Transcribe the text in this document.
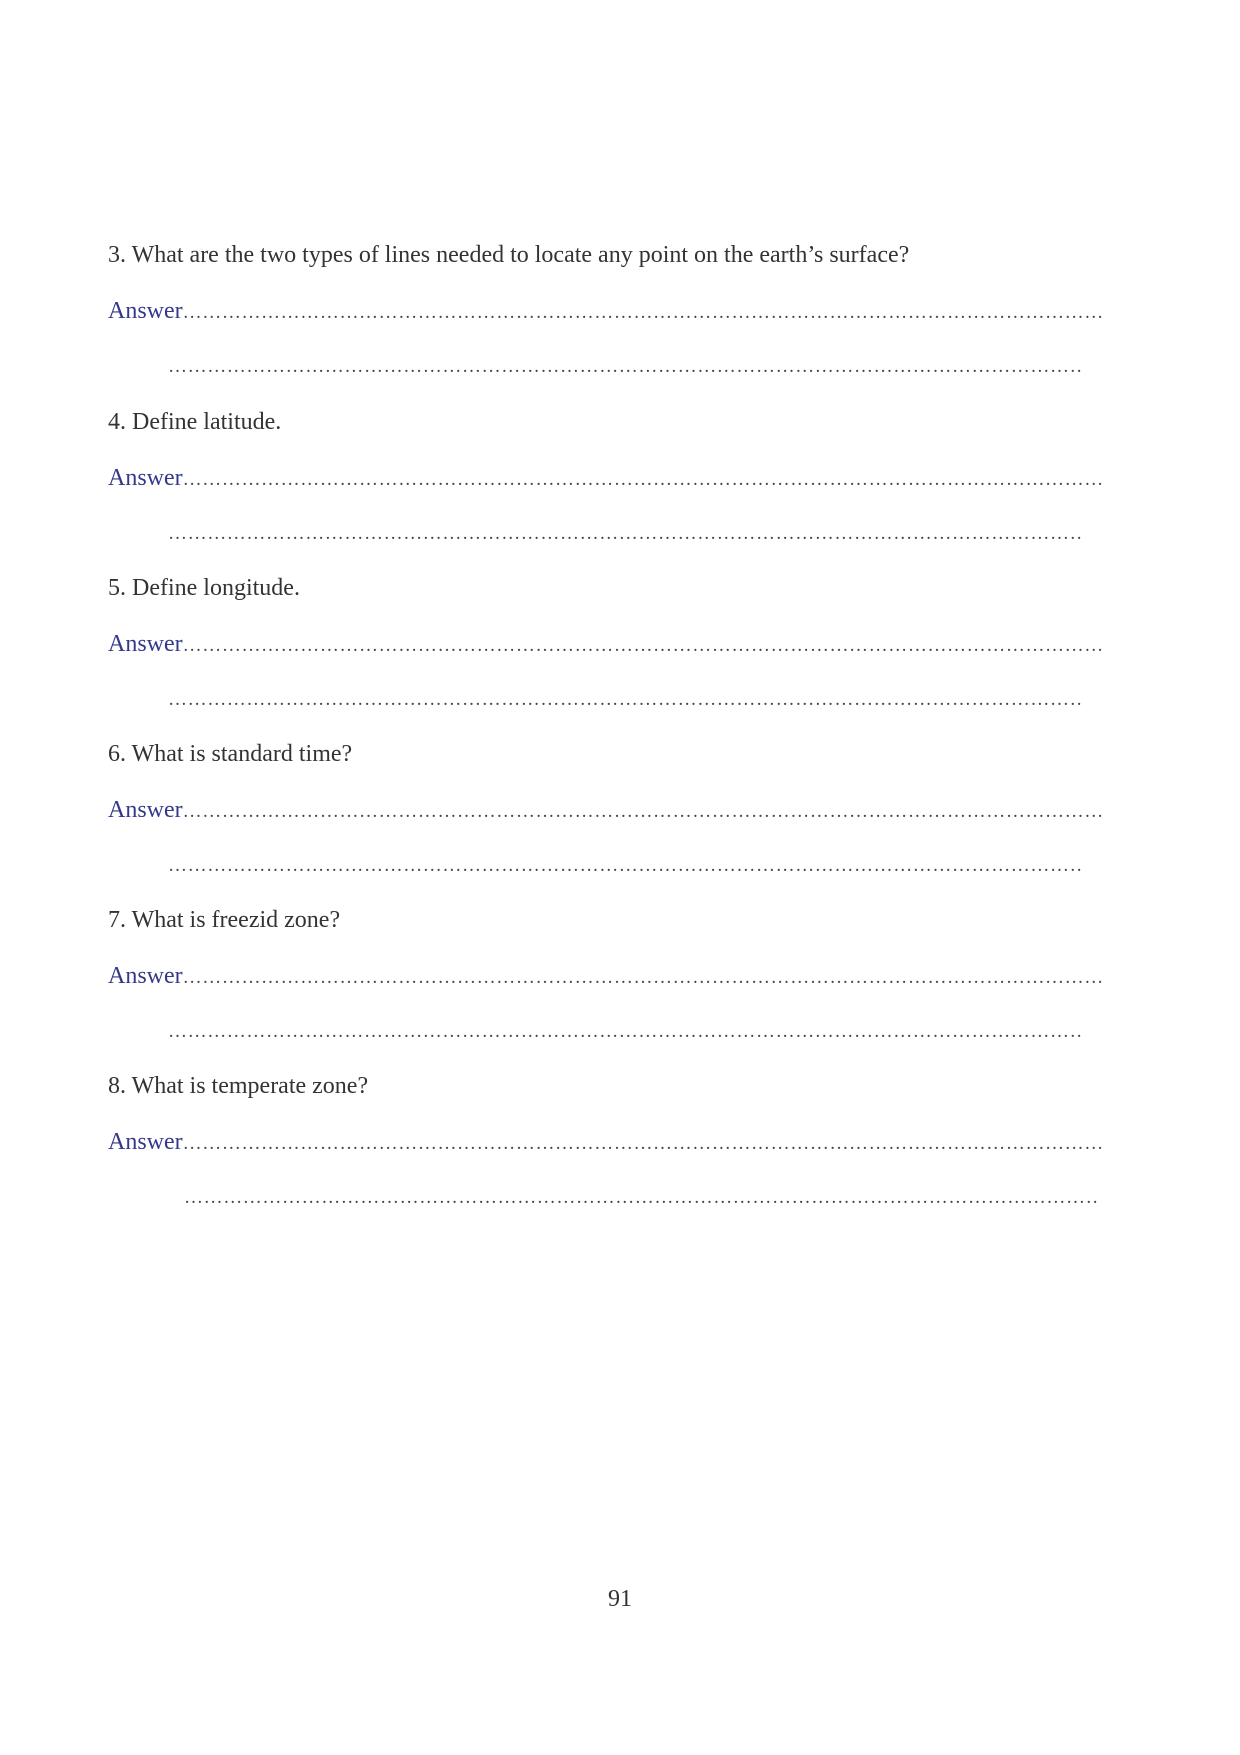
3. What are the two types of lines needed to locate any point on the earth’s surface?
Answer
……………………………………………………………………………………………………………………………………………………………………
……………………………………………………………………………………………………………………………………………………………………
4. Define latitude.
Answer
……………………………………………………………………………………………………………………………………………………………………
……………………………………………………………………………………………………………………………………………………………………
5. Define longitude.
Answer
……………………………………………………………………………………………………………………………………………………………………
……………………………………………………………………………………………………………………………………………………………………
6. What is standard time?
Answer
……………………………………………………………………………………………………………………………………………………………………
……………………………………………………………………………………………………………………………………………………………………
7. What is freezid zone?
Answer
……………………………………………………………………………………………………………………………………………………………………
……………………………………………………………………………………………………………………………………………………………………
8. What is temperate zone?
Answer
……………………………………………………………………………………………………………………………………………………………………
……………………………………………………………………………………………………………………………………………………………………
91
